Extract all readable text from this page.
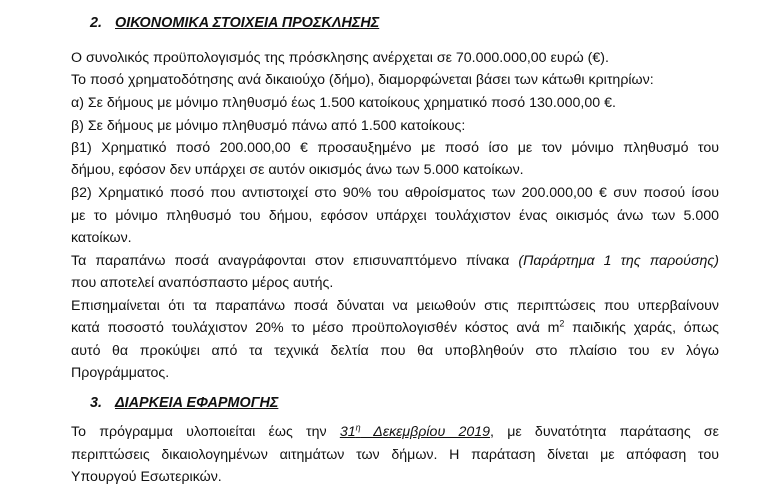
2. ΟΙΚΟΝΟΜΙΚΑ ΣΤΟΙΧΕΙΑ ΠΡΟΣΚΛΗΣΗΣ
Ο συνολικός προϋπολογισμός της πρόσκλησης ανέρχεται σε 70.000.000,00 ευρώ (€).
Το ποσό χρηματοδότησης ανά δικαιούχο (δήμο), διαμορφώνεται βάσει των κάτωθι κριτηρίων:
α) Σε δήμους με μόνιμο πληθυσμό έως 1.500 κατοίκους χρηματικό ποσό 130.000,00 €.
β) Σε δήμους με μόνιμο πληθυσμό πάνω από 1.500 κατοίκους:
β1) Χρηματικό ποσό 200.000,00 € προσαυξημένο με ποσό ίσο με τον μόνιμο πληθυσμό του
δήμου, εφόσον δεν υπάρχει σε αυτόν οικισμός άνω των 5.000 κατοίκων.
β2) Χρηματικό ποσό που αντιστοιχεί στο 90% του αθροίσματος των 200.000,00 € συν ποσού ίσου
με το μόνιμο πληθυσμό του δήμου, εφόσον υπάρχει τουλάχιστον ένας οικισμός άνω των 5.000
κατοίκων.
Τα παραπάνω ποσά αναγράφονται στον επισυναπτόμενο πίνακα (Παράρτημα 1 της παρούσης)
που αποτελεί αναπόσπαστο μέρος αυτής.
Επισημαίνεται ότι τα παραπάνω ποσά δύναται να μειωθούν στις περιπτώσεις που υπερβαίνουν
κατά ποσοστό τουλάχιστον 20% το μέσο προϋπολογισθέν κόστος ανά $m^2$ παιδικής χαράς, όπως
αυτό θα προκύψει από τα τεχνικά δελτία που θα υποβληθούν στο πλαίσιο του εν λόγω
Προγράμματος.
3. ΔΙΑΡΚΕΙΑ ΕΦΑΡΜΟΓΗΣ
Το πρόγραμμα υλοποιείται έως την $31^\eta$ Δεκεμβρίου 2019, με δυνατότητα παράτασης σε
περιπτώσεις δικαιολογημένων αιτημάτων των δήμων. Η παράταση δίνεται με απόφαση του
Υπουργού Εσωτερικών.
